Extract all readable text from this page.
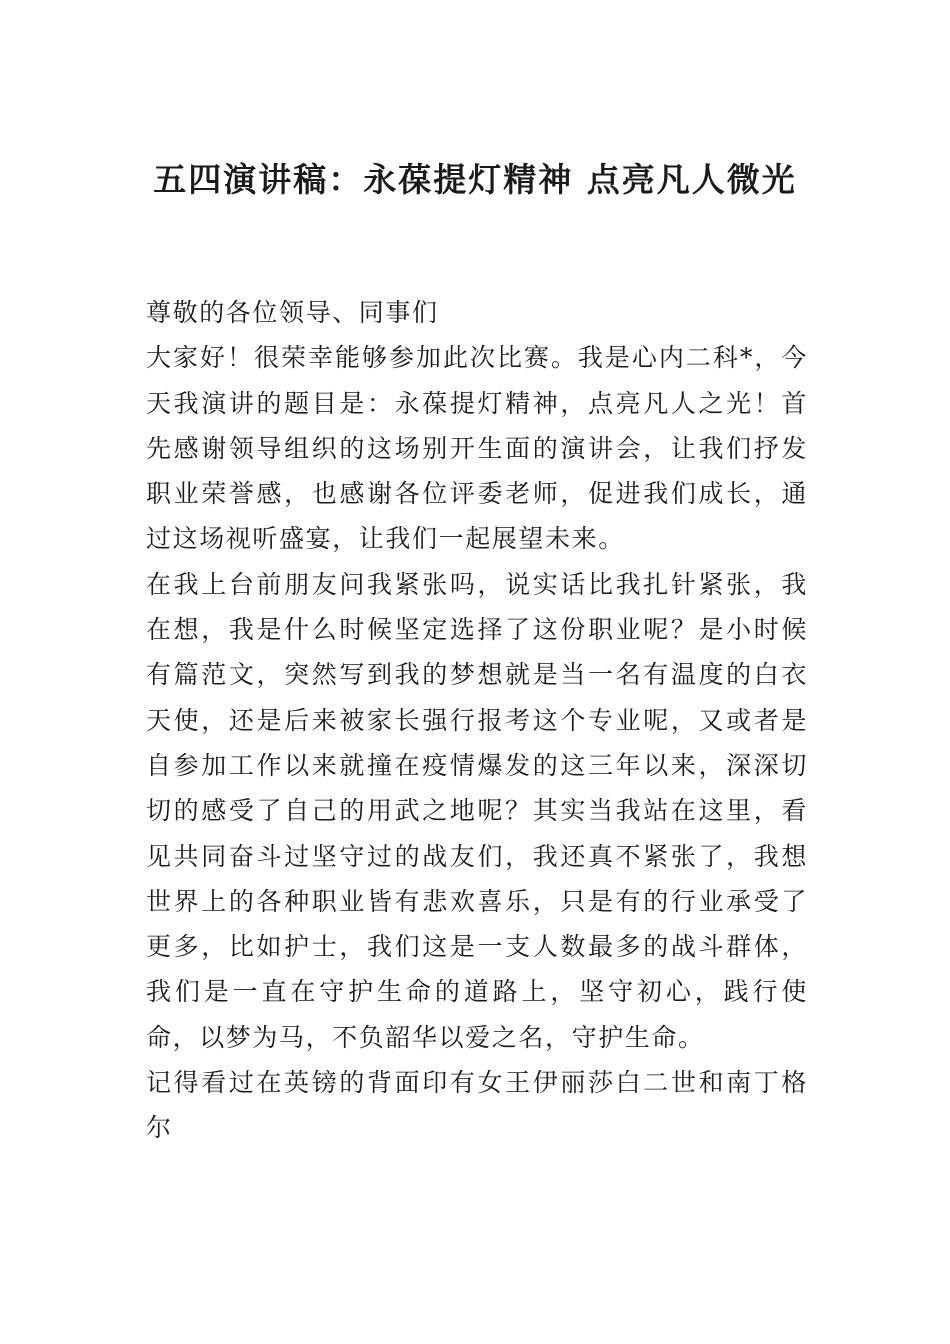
五四演讲稿：永葆提灯精神 点亮凡人微光

尊敬的各位领导、同事们

大家好！很荣幸能够参加此次比赛。我是心内二科*，今天我演讲的题目是：永葆提灯精神，点亮凡人之光！首先感谢领导组织的这场别开生面的演讲会，让我们抒发职业荣誉感，也感谢各位评委老师，促进我们成长，通过这场视听盛宴，让我们一起展望未来。

在我上台前朋友问我紧张吗，说实话比我扎针紧张，我在想，我是什么时候坚定选择了这份职业呢？是小时候有篇范文，突然写到我的梦想就是当一名有温度的白衣天使，还是后来被家长强行报考这个专业呢，又或者是自参加工作以来就撞在疫情爆发的这三年以来，深深切切的感受了自己的用武之地呢？其实当我站在这里，看见共同奋斗过坚守过的战友们，我还真不紧张了，我想世界上的各种职业皆有悲欢喜乐，只是有的行业承受了更多，比如护士，我们这是一支人数最多的战斗群体，我们是一直在守护生命的道路上，坚守初心，践行使命，以梦为马，不负韶华以爱之名，守护生命。

记得看过在英镑的背面印有女王伊丽莎白二世和南丁格尔
